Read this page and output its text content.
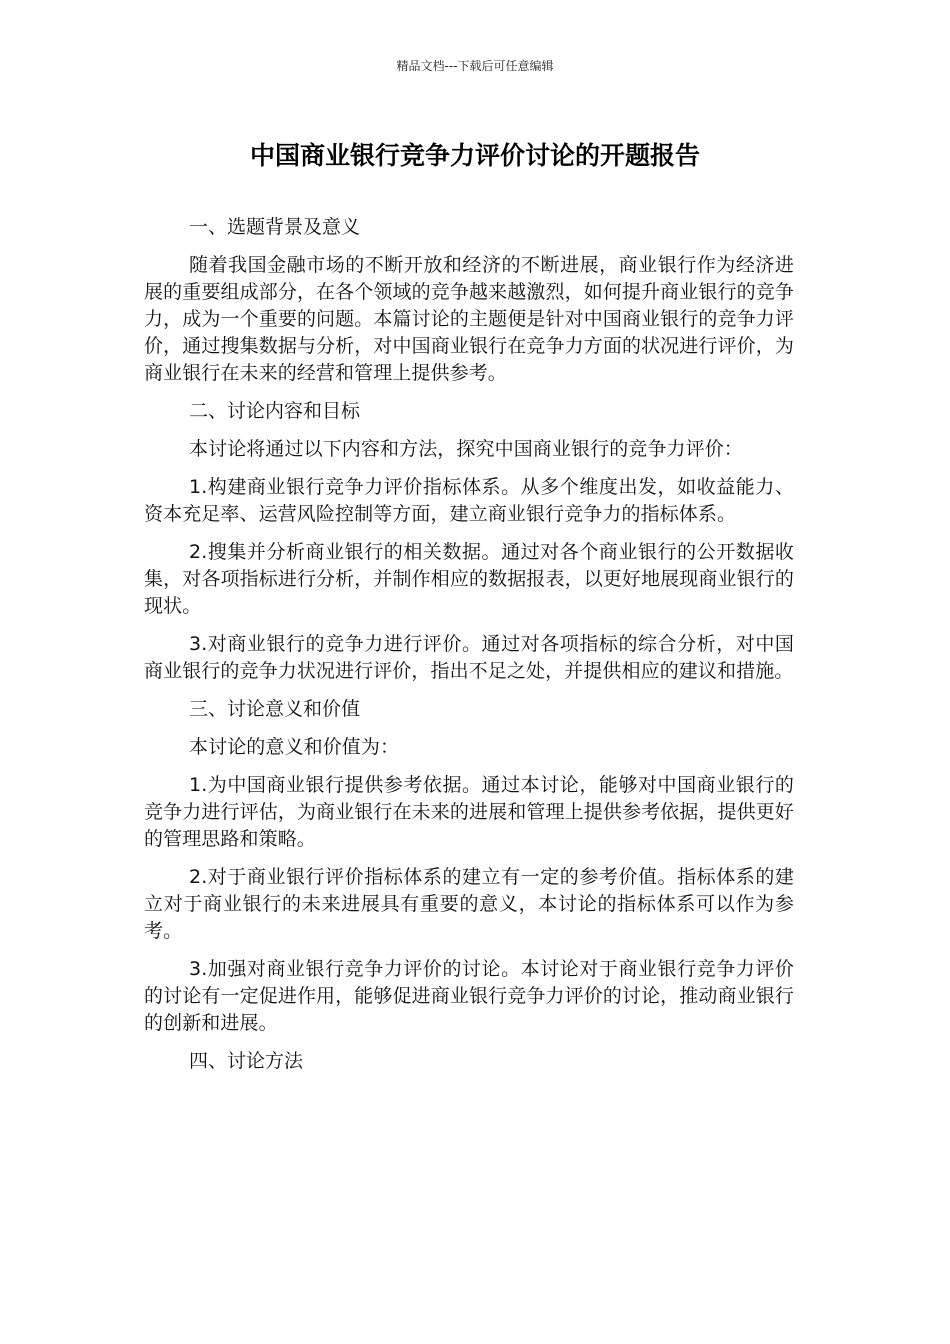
精品文档---下载后可任意编辑
中国商业银行竞争力评价讨论的开题报告
一、选题背景及意义

随着我国金融市场的不断开放和经济的不断进展，商业银行作为经济进展的重要组成部分，在各个领域的竞争越来越激烈，如何提升商业银行的竞争力，成为一个重要的问题。本篇讨论的主题便是针对中国商业银行的竞争力评价，通过搜集数据与分析，对中国商业银行在竞争力方面的状况进行评价，为商业银行在未来的经营和管理上提供参考。

二、讨论内容和目标

本讨论将通过以下内容和方法，探究中国商业银行的竞争力评价：

1.构建商业银行竞争力评价指标体系。从多个维度出发，如收益能力、资本充足率、运营风险控制等方面，建立商业银行竞争力的指标体系。

2.搜集并分析商业银行的相关数据。通过对各个商业银行的公开数据收集，对各项指标进行分析，并制作相应的数据报表，以更好地展现商业银行的现状。

3.对商业银行的竞争力进行评价。通过对各项指标的综合分析，对中国商业银行的竞争力状况进行评价，指出不足之处，并提供相应的建议和措施。

三、讨论意义和价值

本讨论的意义和价值为：

1.为中国商业银行提供参考依据。通过本讨论，能够对中国商业银行的竞争力进行评估，为商业银行在未来的进展和管理上提供参考依据，提供更好的管理思路和策略。

2.对于商业银行评价指标体系的建立有一定的参考价值。指标体系的建立对于商业银行的未来进展具有重要的意义，本讨论的指标体系可以作为参考。

3.加强对商业银行竞争力评价的讨论。本讨论对于商业银行竞争力评价的讨论有一定促进作用，能够促进商业银行竞争力评价的讨论，推动商业银行的创新和进展。

四、讨论方法
